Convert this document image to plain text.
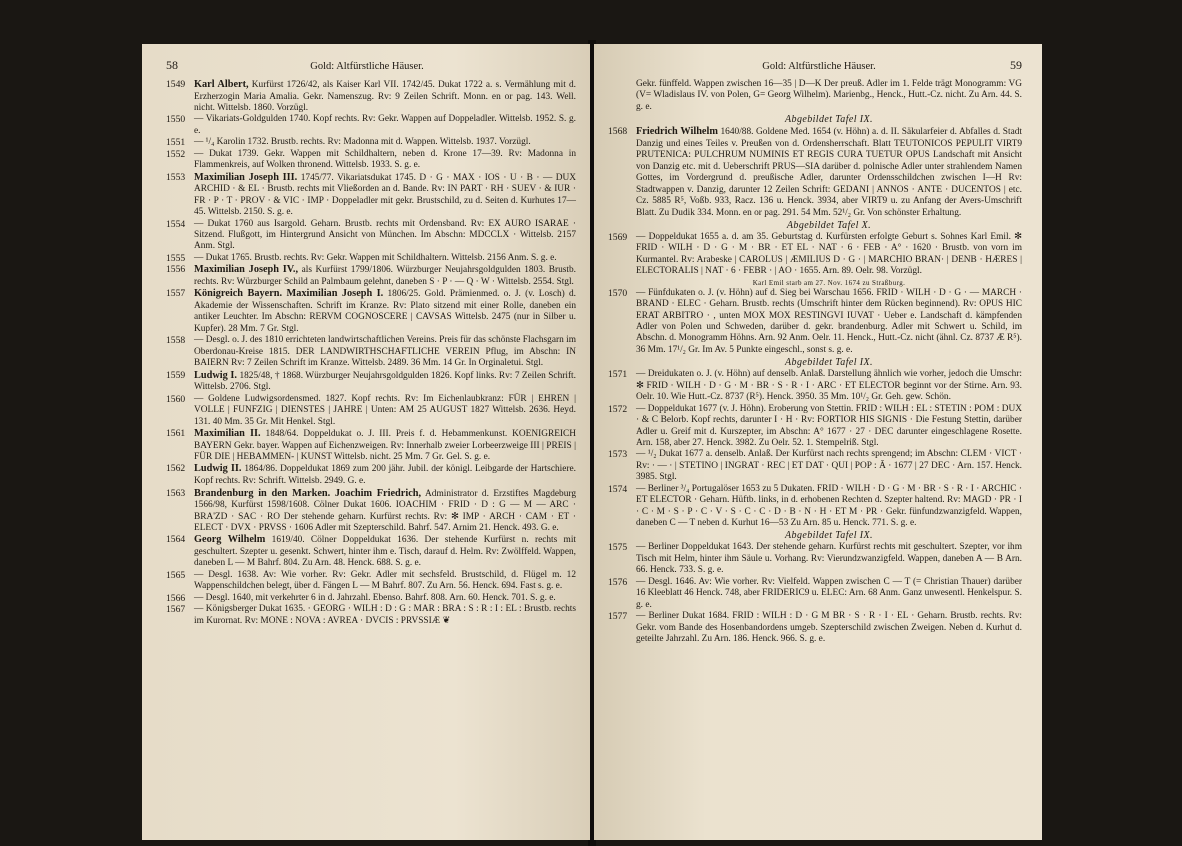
58	Gold: Altfürstliche Häuser.

1549 Karl Albert, Kurfürst 1726/42, als Kaiser Karl VII. 1742/45. Dukat 1722 a. s. Vermählung mit d. Erzherzogin Maria Amalia. Gekr. Namenszug. Rv: 9 Zeilen Schrift. Monn. en or pag. 143. Well. nicht. Wittelsb. 1860. Vorzügl.

1550 — Vikariats-Goldgulden 1740. Kopf rechts. Rv: Gekr. Wappen auf Doppeladler. Wittelsb. 1952. S. g. e.

1551 — ¹/₄ Karolin 1732. Brustb. rechts. Rv: Madonna mit d. Wappen. Wittelsb. 1937. Vorzügl.

1552 — Dukat 1739. Gekr. Wappen mit Schildhaltern, neben d. Krone 17—39. Rv: Madonna in Flammenkreis, auf Wolken thronend. Wittelsb. 1933. S. g. e.

1553 Maximilian Joseph III. 1745/77. Vikariatsdukat 1745. D · G · MAX · IOS · U · B · — DUX ARCHID · & EL · Brustb. rechts mit Vließorden an d. Bande. Rv: IN PART · RH · SUEV · & IUR · FR · P · T · PROV · & VIC · IMP · Doppeladler mit gekr. Brustschild, zu d. Seiten d. Kurhutes 17—45. Wittelsb. 2150. S. g. e.

1554 — Dukat 1760 aus Isargold. Geharn. Brustb. rechts mit Ordensband. Rv: EX AURO ISARAE · Sitzend. Flußgott, im Hintergrund Ansicht von München. Im Abschn: MDCCLX · Wittelsb. 2157 Anm. Stgl.

1555 — Dukat 1765. Brustb. rechts. Rv: Gekr. Wappen mit Schildhaltern. Wittelsb. 2156 Anm. S. g. e.

1556 Maximilian Joseph IV., als Kurfürst 1799/1806. Würzburger Neujahrsgoldgulden 1803. Brustb. rechts. Rv: Würzburger Schild an Palmbaum gelehnt, daneben S · P · — Q · W · Wittelsb. 2554. Stgl.

1557 Königreich Bayern. Maximilian Joseph I. 1806/25. Gold. Prämienmed. o. J. (v. Losch) d. Akademie der Wissenschaften. Schrift im Kranze. Rv: Plato sitzend mit einer Rolle, daneben ein antiker Leuchter. Im Abschn: RERVM COGNOSCERE | CAVSAS Wittelsb. 2475 (nur in Silber u. Kupfer). 28 Mm. 7 Gr. Stgl.

1558 — Desgl. o. J. des 1810 errichteten landwirtschaftlichen Vereins. Preis für das schönste Flachsgarn im Oberdonau-Kreise 1815. DER LANDWIRTHSCHAFTLICHE VEREIN Pflug, im Abschn: IN BAIERN Rv: 7 Zeilen Schrift im Kranze. Wittelsb. 2489. 36 Mm. 14 Gr. In Orginaletui. Stgl.

1559 Ludwig I. 1825/48, † 1868. Würzburger Neujahrsgoldgulden 1826. Kopf links. Rv: 7 Zeilen Schrift. Wittelsb. 2706. Stgl.

1560 — Goldene Ludwigsordensmed. 1827. Kopf rechts. Rv: Im Eichenlaubkranz: FÜR | EHREN | VOLLE | FUNFZIG | DIENSTES | JAHRE | Unten: AM 25 AUGUST 1827 Wittelsb. 2636. Heyd. 131. 40 Mm. 35 Gr. Mit Henkel. Stgl.

1561 Maximilian II. 1848/64. Doppeldukat o. J. III. Preis f. d. Hebammenkunst. KOENIGREICH BAYERN Gekr. bayer. Wappen auf Eichenzweigen. Rv: Innerhalb zweier Lorbeerzweige III | PREIS | FÜR DIE | HEBAMMEN- | KUNST Wittelsb. nicht. 25 Mm. 7 Gr. Gel. S. g. e.

1562 Ludwig II. 1864/86. Doppeldukat 1869 zum 200 jähr. Jubil. der königl. Leibgarde der Hartschiere. Kopf rechts. Rv: Schrift. Wittelsb. 2949. G. e.

1563 Brandenburg in den Marken. Joachim Friedrich, Administrator d. Erzstiftes Magdeburg 1566/98, Kurfürst 1598/1608. Cölner Dukat 1606. IOACHIM · FRID · D : G — M — ARC · BRA'ZD · SAC · RO Der stehende geharn. Kurfürst rechts. Rv: ✻ IMP · ARCH · CAM · ET · ELECT · DVX · PRVSS · 1606 Adler mit Szepterschild. Bahrf. 547. Arnim 21. Henck. 493. G. e.

1564 Georg Wilhelm 1619/40. Cölner Doppeldukat 1636. Der stehende Kurfürst n. rechts mit geschultert. Szepter u. gesenkt. Schwert, hinter ihm e. Tisch, darauf d. Helm. Rv: Zwölffeld. Wappen, daneben L — M Bahrf. 804. Zu Arn. 48. Henck. 688. S. g. e.

1565 — Desgl. 1638. Av: Wie vorher. Rv: Gekr. Adler mit sechsfeld. Brustschild, d. Flügel m. 12 Wappenschildchen belegt, über d. Fängen L — M Bahrf. 807. Zu Arn. 56. Henck. 694. Fast s. g. e.

1566 — Desgl. 1640, mit verkehrter 6 in d. Jahrzahl. Ebenso. Bahrf. 808. Arn. 60. Henck. 701. S. g. e.

1567 — Königsberger Dukat 1635. · GEORG · WILH : D : G : MAR : BRA : S : R : I : EL : Brustb. rechts im Kurornat. Rv: MONE : NOVA : AVREA · DVCIS : PRVSSIÆ ❦

Gold: Altfürstliche Häuser.	59

Gekr. fünffeld. Wappen zwischen 16—35 | D—K Der preuß. Adler im 1. Felde trägt Monogramm: VG (V= Wladislaus IV. von Polen, G= Georg Wilhelm). Marienbg., Henck., Hutt.-Cz. nicht. Zu Arn. 44. S. g. e.

Abgebildet Tafel IX.

1568 Friedrich Wilhelm 1640/88. Goldene Med. 1654 (v. Höhn) a. d. II. Säkularfeier d. Abfalles d. Stadt Danzig und eines Teiles v. Preußen von d. Ordensherrschaft. Blatt TEUTONICOS PEPULIT VIRT9 PRUTENICA: PULCHRUM NUMINIS ET REGIS CURA TUETUR OPUS Landschaft mit Ansicht von Danzig etc. mit d. Ueberschrift PRUS—SIA darüber d. polnische Adler unter strahlendem Namen Gottes, im Vordergrund d. preußische Adler, darunter Ordensschildchen zwischen I—H Rv: Stadtwappen v. Danzig, darunter 12 Zeilen Schrift: GEDANI | ANNOS · ANTE · DUCENTOS | etc. Cz. 5885 R⁵, Voßb. 933, Racz. 136 u. Henck. 3934, aber VIRT9 u. zu Anfang der Avers-Umschrift Blatt. Zu Dudik 334. Monn. en or pag. 291. 54 Mm. 52¹/₂ Gr. Von schönster Erhaltung.

Abgebildet Tafel X.

1569 — Doppeldukat 1655 a. d. am 35. Geburtstag d. Kurfürsten erfolgte Geburt s. Sohnes Karl Emil. ✻ FRID · WILH · D · G · M · BR · ET EL · NAT · 6 · FEB · A° · 1620 · Brustb. von vorn im Kurmantel. Rv: Arabeske | CAROLUS | ÆMILIUS D · G · | MARCHIO BRAN· | DENB · HÆRES | ELECTORALIS | NAT · 6 · FEBR · | AO · 1655. Arn. 89. Oelr. 98. Vorzügl.

Karl Emil starb am 27. Nov. 1674 zu Straßburg.

1570 — Fünfdukaten o. J. (v. Höhn) auf d. Sieg bei Warschau 1656. FRID · WILH · D · G · — MARCH · BRAND · ELEC · Geharn. Brustb. rechts (Umschrift hinter dem Rücken beginnend). Rv: OPUS HIC ERAT ARBITRO · , unten MOX MOX RESTINGVI IUVAT · Ueber e. Landschaft d. kämpfenden Adler von Polen und Schweden, darüber d. gekr. brandenburg. Adler mit Schwert u. Schild, im Abschn. d. Monogramm Höhns. Arn. 92 Anm. Oelr. 11. Henck., Hutt.-Cz. nicht (ähnl. Cz. 8737 Æ R⁵). 36 Mm. 17¹/₂ Gr. Im Av. 5 Punkte eingeschl., sonst s. g. e.

Abgebildet Tafel IX.

1571 — Dreidukaten o. J. (v. Höhn) auf denselb. Anlaß. Darstellung ähnlich wie vorher, jedoch die Umschr: ✻ FRID · WILH · D · G · M · BR · S · R · I · ARC · ET ELECTOR beginnt vor der Stirne. Arn. 93. Oelr. 10. Wie Hutt.-Cz. 8737 (R⁵). Henck. 3950. 35 Mm. 10¹/₂ Gr. Geh. gew. Schön.

1572 — Doppeldukat 1677 (v. J. Höhn). Eroberung von Stettin. FRID : WILH : EL : STETIN : POM : DUX · & C Belorb. Kopf rechts, darunter I · H · Rv: FORTIOR HIS SIGNIS · Die Festung Stettin, darüber Adler u. Greif mit d. Kurszepter, im Abschn: A° 1677 · 27 · DEC darunter eingeschlagene Rosette. Arn. 158, aber 27. Henck. 3982. Zu Oelr. 52. 1. Stempelriß. Stgl.

1573 — ¹/₂ Dukat 1677 a. denselb. Anlaß. Der Kurfürst nach rechts sprengend; im Abschn: CLEM · VICT · Rv: · — · | STETINO | INGRAT · REC | ET DAT · QUI | POP : Ā · 1677 | 27 DEC · Arn. 157. Henck. 3985. Stgl.

1574 — Berliner ³/₄ Portugalöser 1653 zu 5 Dukaten. FRID · WILH · D · G · M · BR · S · R · I · ARCHIC · ET ELECTOR · Geharn. Hüftb. links, in d. erhobenen Rechten d. Szepter haltend. Rv: MAGD · PR · I · C · M · S · P · C · V · S · C · C · D · B · N · H · ET M · PR · Gekr. fünfundzwanzigfeld. Wappen, daneben C — T neben d. Kurhut 16—53 Zu Arn. 85 u. Henck. 771. S. g. e.

Abgebildet Tafel IX.

1575 — Berliner Doppeldukat 1643. Der stehende geharn. Kurfürst rechts mit geschultert. Szepter, vor ihm Tisch mit Helm, hinter ihm Säule u. Vorhang. Rv: Vierundzwanzigfeld. Wappen, daneben A — B Arn. 66. Henck. 733. S. g. e.

1576 — Desgl. 1646. Av: Wie vorher. Rv: Vielfeld. Wappen zwischen C — T (= Christian Thauer) darüber 16 Kleeblatt 46 Henck. 748, aber FRIDERIC9 u. ELEC: Arn. 68 Anm. Ganz unwesentl. Henkelspur. S. g. e.

1577 — Berliner Dukat 1684. FRID : WILH : D · G M BR · S · R · I · EL · Geharn. Brustb. rechts. Rv: Gekr. vom Bande des Hosenbandordens umgeb. Szepterschild zwischen Zweigen. Neben d. Kurhut d. geteilte Jahrzahl. Zu Arn. 186. Henck. 966. S. g. e.
